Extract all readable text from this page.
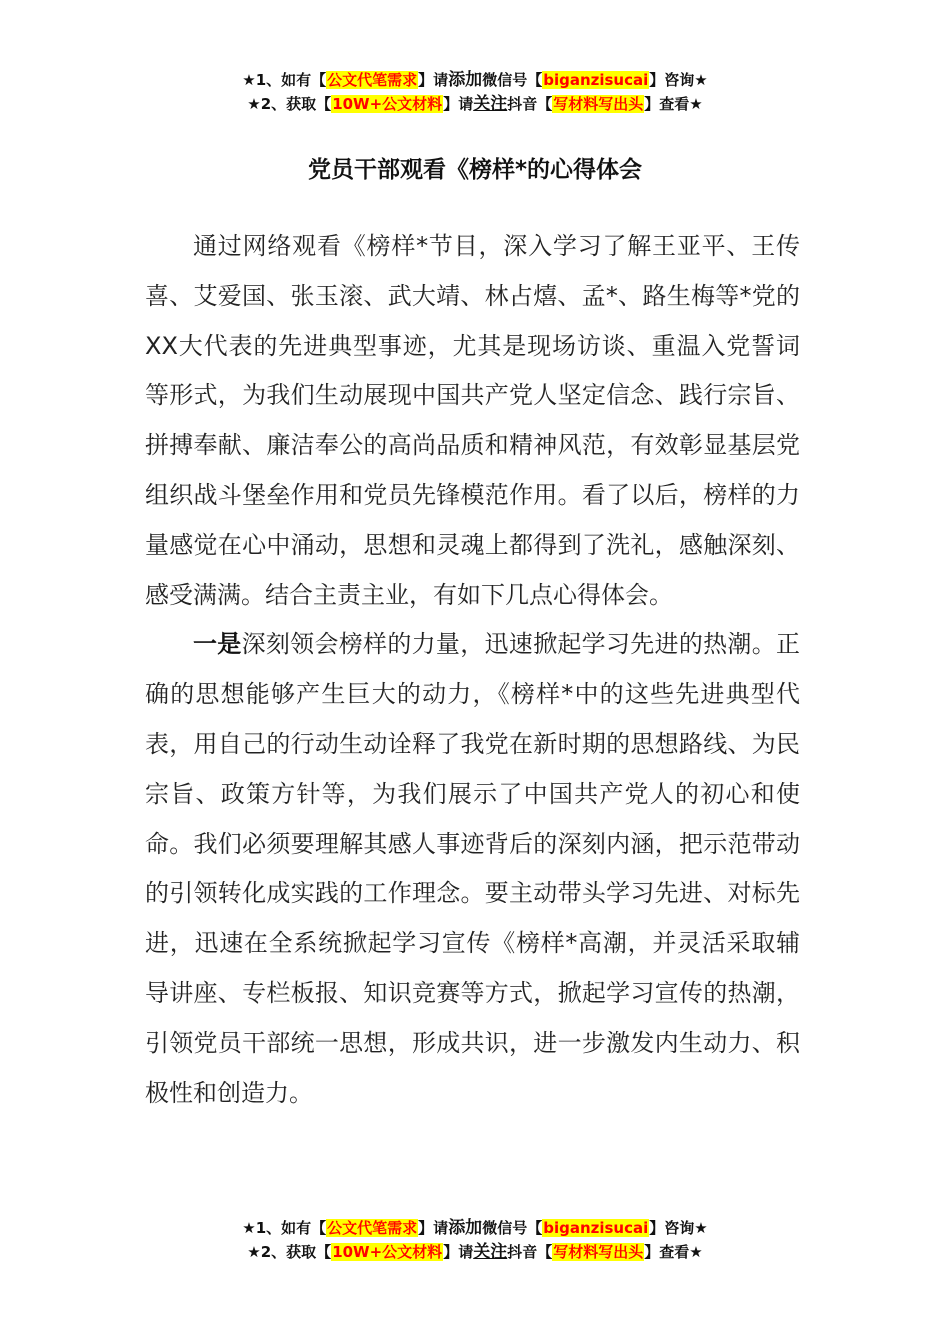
★1、如有【公文代笔需求】请添加微信号【biganzisucai】咨询★
★2、获取【10W+公文材料】请关注抖音【写材料写出头】查看★
党员干部观看《榜样*的心得体会

通过网络观看《榜样*节目，深入学习了解王亚平、王传喜、艾爱国、张玉滚、武大靖、林占熺、孟*、路生梅等*党的XX大代表的先进典型事迹，尤其是现场访谈、重温入党誓词等形式，为我们生动展现中国共产党人坚定信念、践行宗旨、拼搏奉献、廉洁奉公的高尚品质和精神风范，有效彰显基层党组织战斗堡垒作用和党员先锋模范作用。看了以后，榜样的力量感觉在心中涌动，思想和灵魂上都得到了洗礼，感触深刻、感受满满。结合主责主业，有如下几点心得体会。

一是深刻领会榜样的力量，迅速掀起学习先进的热潮。正确的思想能够产生巨大的动力，《榜样*中的这些先进典型代表，用自己的行动生动诠释了我党在新时期的思想路线、为民宗旨、政策方针等，为我们展示了中国共产党人的初心和使命。我们必须要理解其感人事迹背后的深刻内涵，把示范带动的引领转化成实践的工作理念。要主动带头学习先进、对标先进，迅速在全系统掀起学习宣传《榜样*高潮，并灵活采取辅导讲座、专栏板报、知识竞赛等方式，掀起学习宣传的热潮，引领党员干部统一思想，形成共识，进一步激发内生动力、积极性和创造力。

★1、如有【公文代笔需求】请添加微信号【biganzisucai】咨询★
★2、获取【10W+公文材料】请关注抖音【写材料写出头】查看★
